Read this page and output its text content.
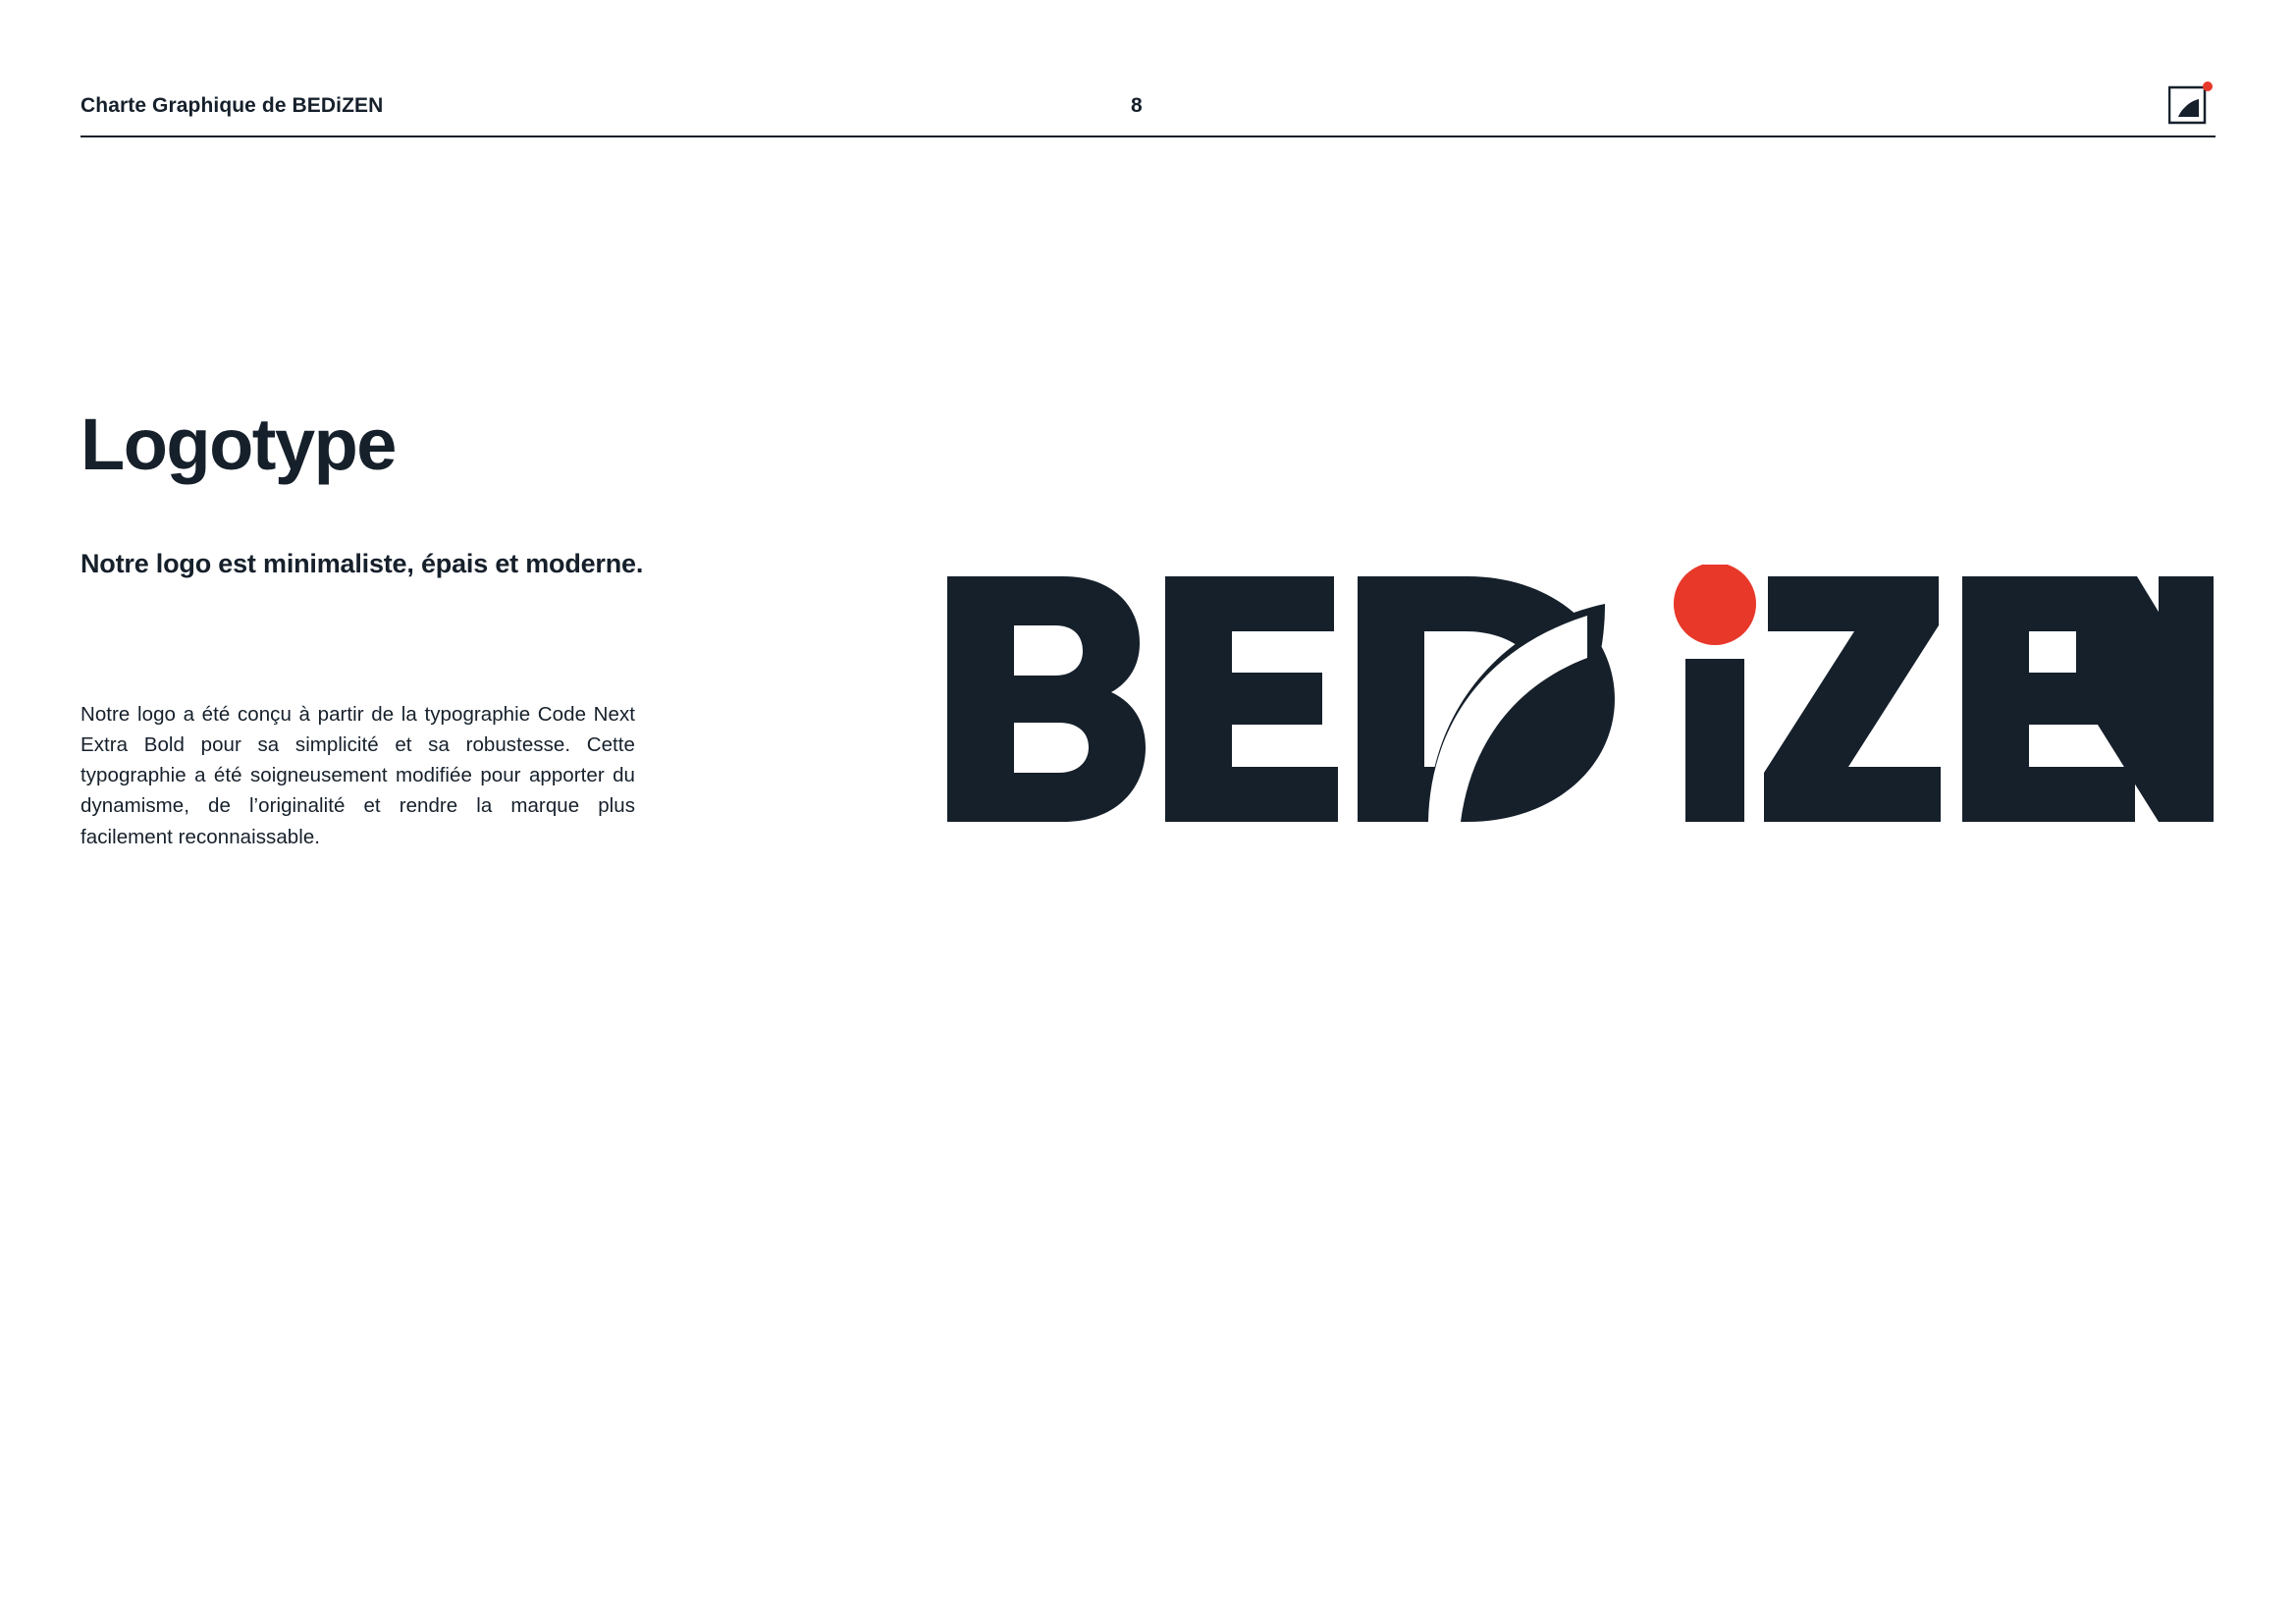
Charte Graphique de BEDiZEN	8
Logotype
Notre logo est minimaliste, épais et moderne.
Notre logo a été conçu à partir de la typographie Code Next Extra Bold pour sa simplicité et sa robustesse. Cette typographie a été soigneusement modifiée pour apporter du dynamisme, de l’originalité et rendre la marque plus facilement reconnaissable.
